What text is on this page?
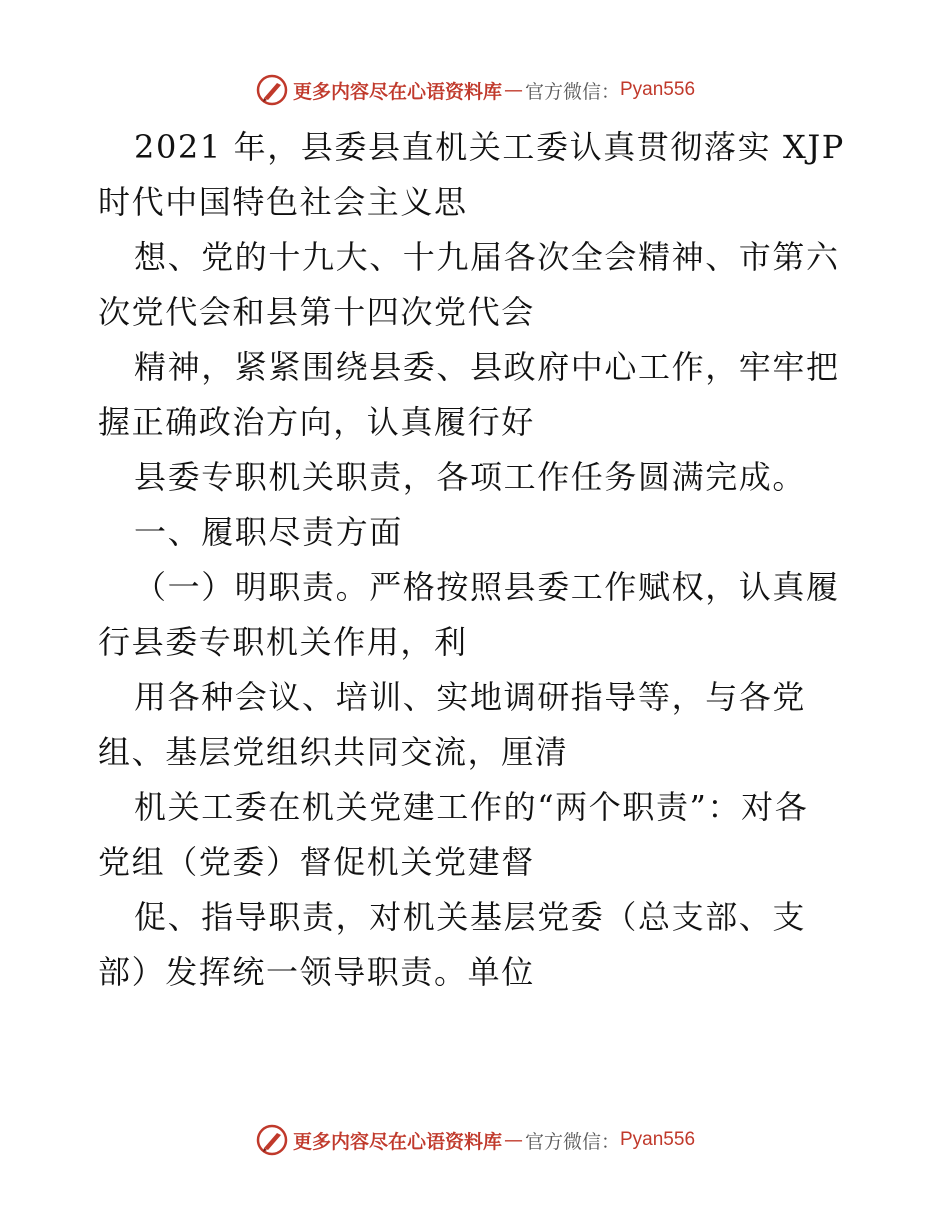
更多内容尽在心语资料库 — 官方微信： Pyan556
2021 年，县委县直机关工委认真贯彻落实 XJP
时代中国特色社会主义思
想、党的十九大、十九届各次全会精神、市第六
次党代会和县第十四次党代会
精神，紧紧围绕县委、县政府中心工作，牢牢把
握正确政治方向，认真履行好
县委专职机关职责，各项工作任务圆满完成。
一、履职尽责方面
（一）明职责。严格按照县委工作赋权，认真履
行县委专职机关作用，利
用各种会议、培训、实地调研指导等，与各党
组、基层党组织共同交流，厘清
机关工委在机关党建工作的“两个职责”：对各
党组（党委）督促机关党建督
促、指导职责，对机关基层党委（总支部、支
部）发挥统一领导职责。单位
更多内容尽在心语资料库 — 官方微信： Pyan556
